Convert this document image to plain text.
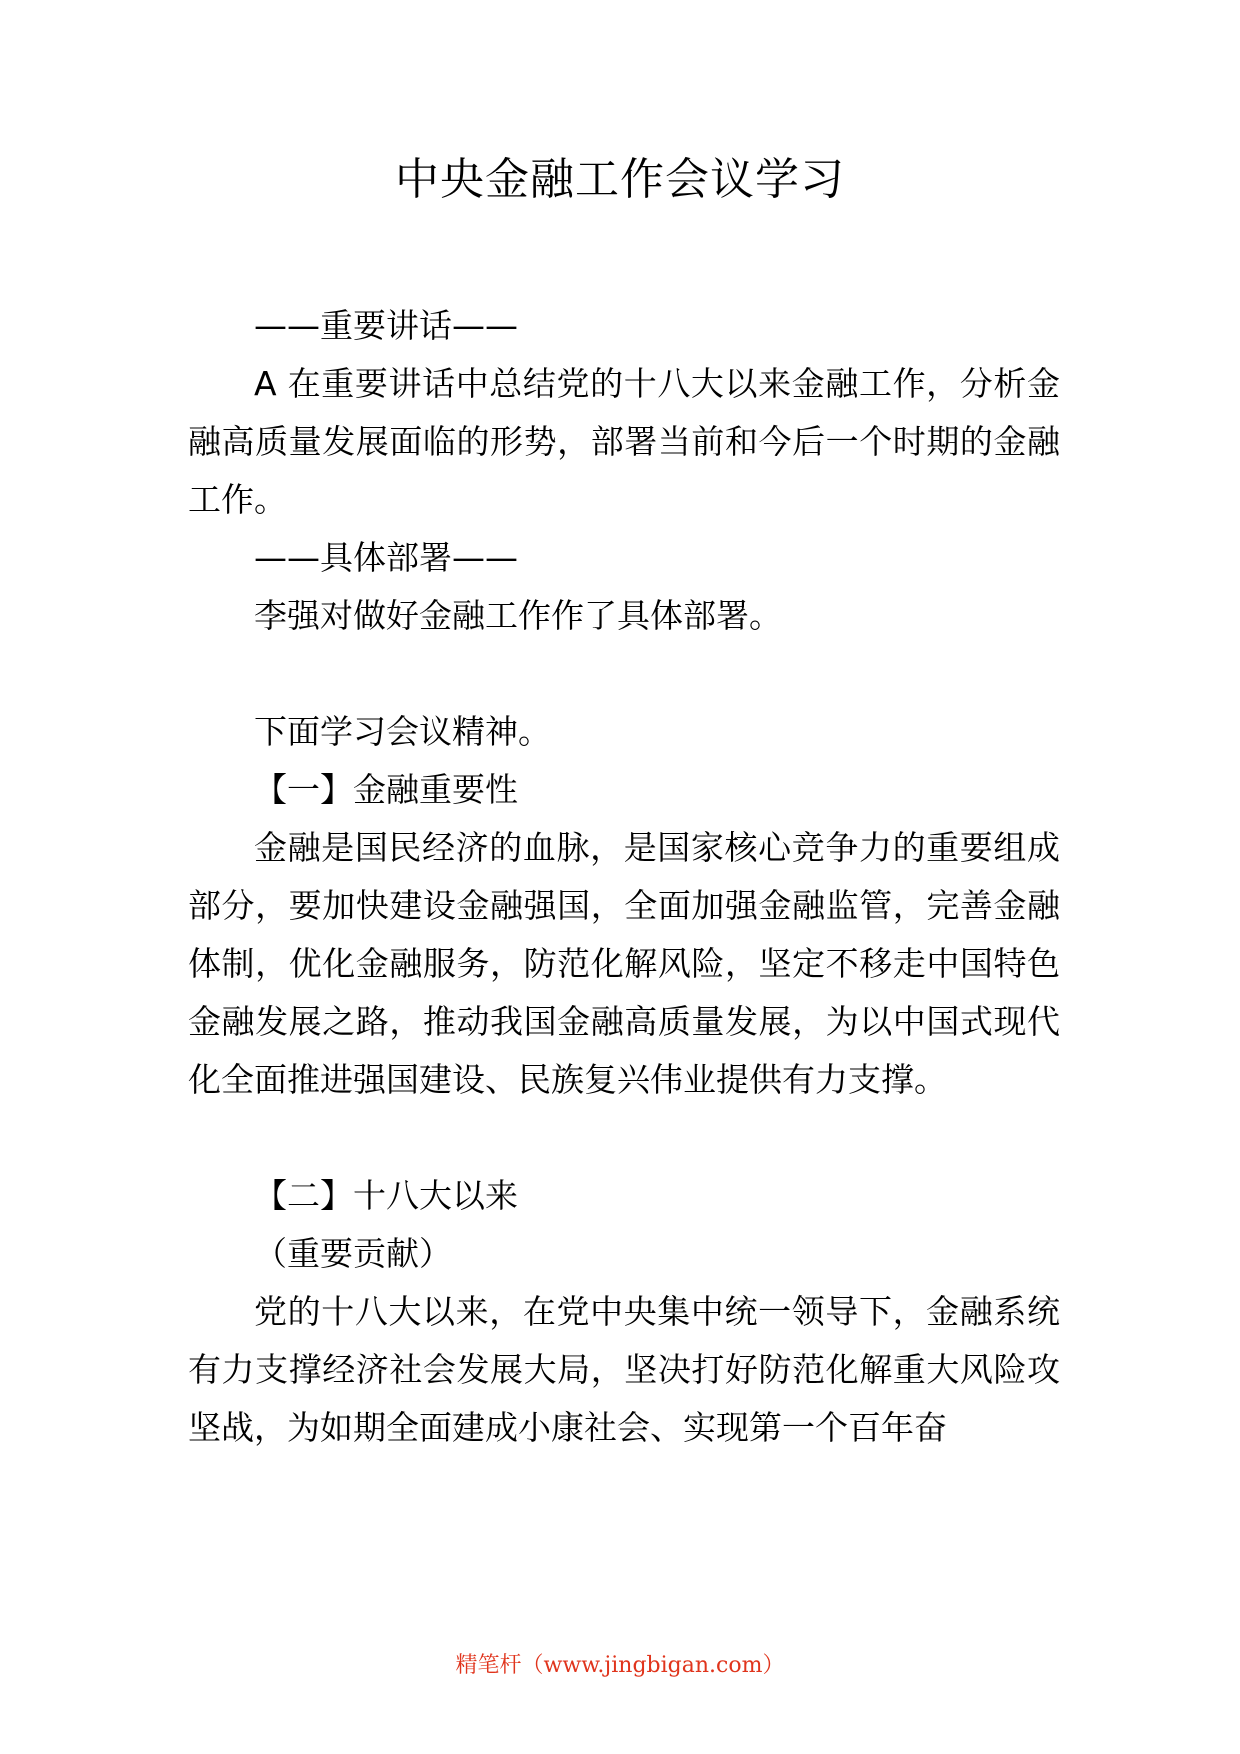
中央金融工作会议学习

——重要讲话——

A 在重要讲话中总结党的十八大以来金融工作，分析金融高质量发展面临的形势，部署当前和今后一个时期的金融工作。

——具体部署——

李强对做好金融工作作了具体部署。

下面学习会议精神。

【一】金融重要性

金融是国民经济的血脉，是国家核心竞争力的重要组成部分，要加快建设金融强国，全面加强金融监管，完善金融体制，优化金融服务，防范化解风险，坚定不移走中国特色金融发展之路，推动我国金融高质量发展，为以中国式现代化全面推进强国建设、民族复兴伟业提供有力支撑。

【二】十八大以来

（重要贡献）

党的十八大以来，在党中央集中统一领导下，金融系统有力支撑经济社会发展大局，坚决打好防范化解重大风险攻坚战，为如期全面建成小康社会、实现第一个百年奋

精笔杆（www.jingbigan.com）
